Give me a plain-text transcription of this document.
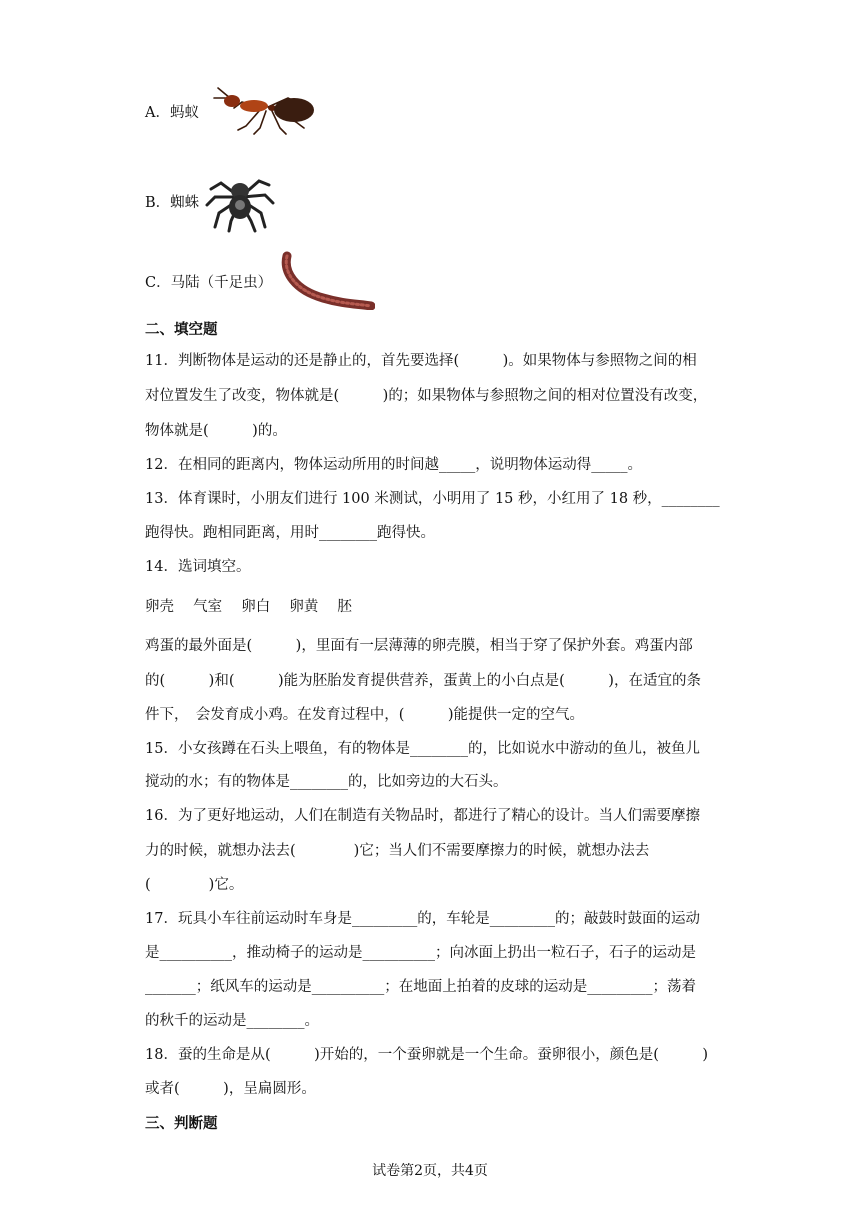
A．蚂蚁
B．蜘蛛
C．马陆（千足虫）
二、填空题
11．判断物体是运动的还是静止的，首先要选择(　　　)。如果物体与参照物之间的相
对位置发生了改变，物体就是(　　　)的；如果物体与参照物之间的相对位置没有改变，
物体就是(　　　)的。
12．在相同的距离内，物体运动所用的时间越_____，说明物体运动得_____。
13．体育课时，小朋友们进行 100 米测试，小明用了 15 秒，小红用了 18 秒，________
跑得快。跑相同距离，用时________跑得快。
14．选词填空。
卵壳　 气室　 卵白　 卵黄　 胚
鸡蛋的最外面是(　　　)，里面有一层薄薄的卵壳膜，相当于穿了保护外套。鸡蛋内部
的(　　　)和(　　　)能为胚胎发育提供营养，蛋黄上的小白点是(　　　)，在适宜的条
件下，　会发育成小鸡。在发育过程中，(　　　)能提供一定的空气。
15．小女孩蹲在石头上喂鱼，有的物体是________的，比如说水中游动的鱼儿，被鱼儿
搅动的水；有的物体是________的，比如旁边的大石头。
16．为了更好地运动，人们在制造有关物品时，都进行了精心的设计。当人们需要摩擦
力的时候，就想办法去(　　　　)它；当人们不需要摩擦力的时候，就想办法去
(　　　　)它。
17．玩具小车往前运动时车身是_________的，车轮是_________的；敲鼓时鼓面的运动
是__________，推动椅子的运动是__________；向冰面上扔出一粒石子，石子的运动是
_______；纸风车的运动是__________；在地面上拍着的皮球的运动是_________；荡着
的秋千的运动是________。
18．蚕的生命是从(　　　)开始的，一个蚕卵就是一个生命。蚕卵很小，颜色是(　　　)
或者(　　　)，呈扁圆形。
三、判断题
试卷第2页，共4页
